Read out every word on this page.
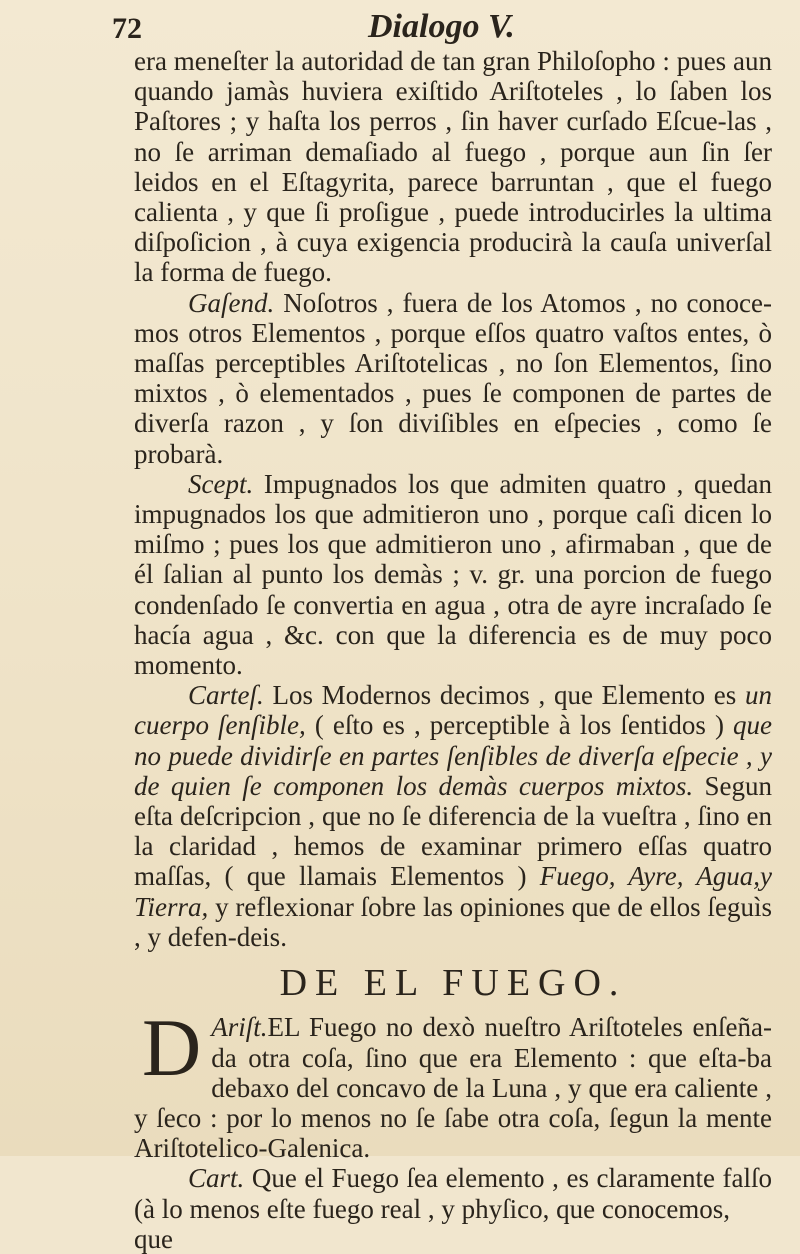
72	Dialogo V.

era meneſter la autoridad de tan gran Philoſopho : pues aun quando jamàs huviera exiſtido Ariſtoteles , lo ſaben los Paſtores ; y haſta los perros , ſin haver curſado Eſcue-las , no ſe arriman demaſiado al fuego , porque aun ſin ſer leidos en el Eſtagyrita, parece barruntan , que el fuego calienta , y que ſi proſigue , puede introducirles la ultima diſpoſicion , à cuya exigencia producirà la cauſa univerſal la forma de fuego.

Gaſend. Noſotros , fuera de los Atomos , no conoce-mos otros Elementos , porque eſſos quatro vaſtos entes, ò maſſas perceptibles Ariſtotelicas , no ſon Elementos, ſino mixtos , ò elementados , pues ſe componen de partes de diverſa razon , y ſon diviſibles en eſpecies , como ſe probarà.

Scept. Impugnados los que admiten quatro , quedan impugnados los que admitieron uno , porque caſi dicen lo miſmo ; pues los que admitieron uno , afirmaban , que de él ſalian al punto los demàs ; v. gr. una porcion de fuego condenſado ſe convertia en agua , otra de ayre incraſado ſe hacía agua , &c. con que la diferencia es de muy poco momento.

Carteſ. Los Modernos decimos , que Elemento es un cuerpo ſenſible, ( eſto es , perceptible à los ſentidos ) que no puede dividirſe en partes ſenſibles de diverſa eſpecie , y de quien ſe componen los demàs cuerpos mixtos. Segun eſta deſcripcion , que no ſe diferencia de la vueſtra , ſino en la claridad , hemos de examinar primero eſſas quatro maſſas, ( que llamais Elementos ) Fuego, Ayre, Agua,y Tierra, y reflexionar ſobre las opiniones que de ellos ſeguìs , y defen-deis.

DE EL FUEGO.

Ariſt.
D EL Fuego no dexò nueſtro Ariſtoteles enſeña-da otra coſa, ſino que era Elemento : que eſta-ba debaxo del concavo de la Luna , y que era caliente , y ſeco : por lo menos no ſe ſabe otra coſa, ſegun la mente Ariſtotelico-Galenica.

Cart. Que el Fuego ſea elemento , es claramente falſo (à lo menos eſte fuego real , y phyſico, que conocemos,

que
